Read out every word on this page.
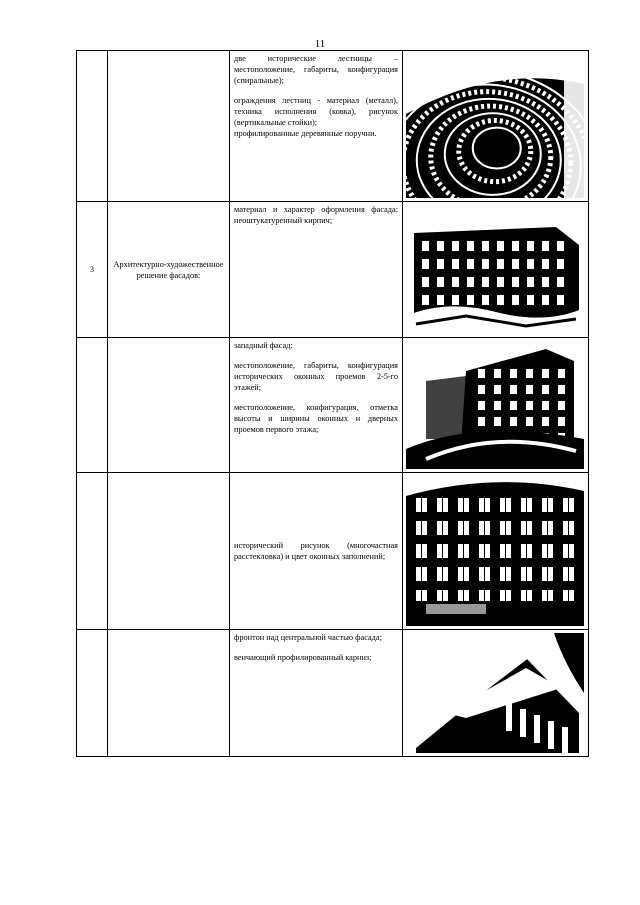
11

		две исторические лестницы – местоположение, габариты, конфигурация (спиральные);

ограждения лестниц - материал (металл), техника исполнения (ковка), рисунок (вертикальные стойки);
профилированные деревянные поручни.

3	Архитектурно-художественное решение фасадов:	материал и характер оформления фасада: неоштукатуренный кирпич;

		западный фасад:

местоположение, габариты, конфигурация исторических оконных проемов 2-5-го этажей;

местоположение, конфигурация, отметка высоты и ширины оконных и дверных проемов первого этажа;

		исторический рисунок (многочастная расстекловка) и цвет оконных заполнений;

		фронтон над центральной частью фасада;

венчающий профилированный карниз;
